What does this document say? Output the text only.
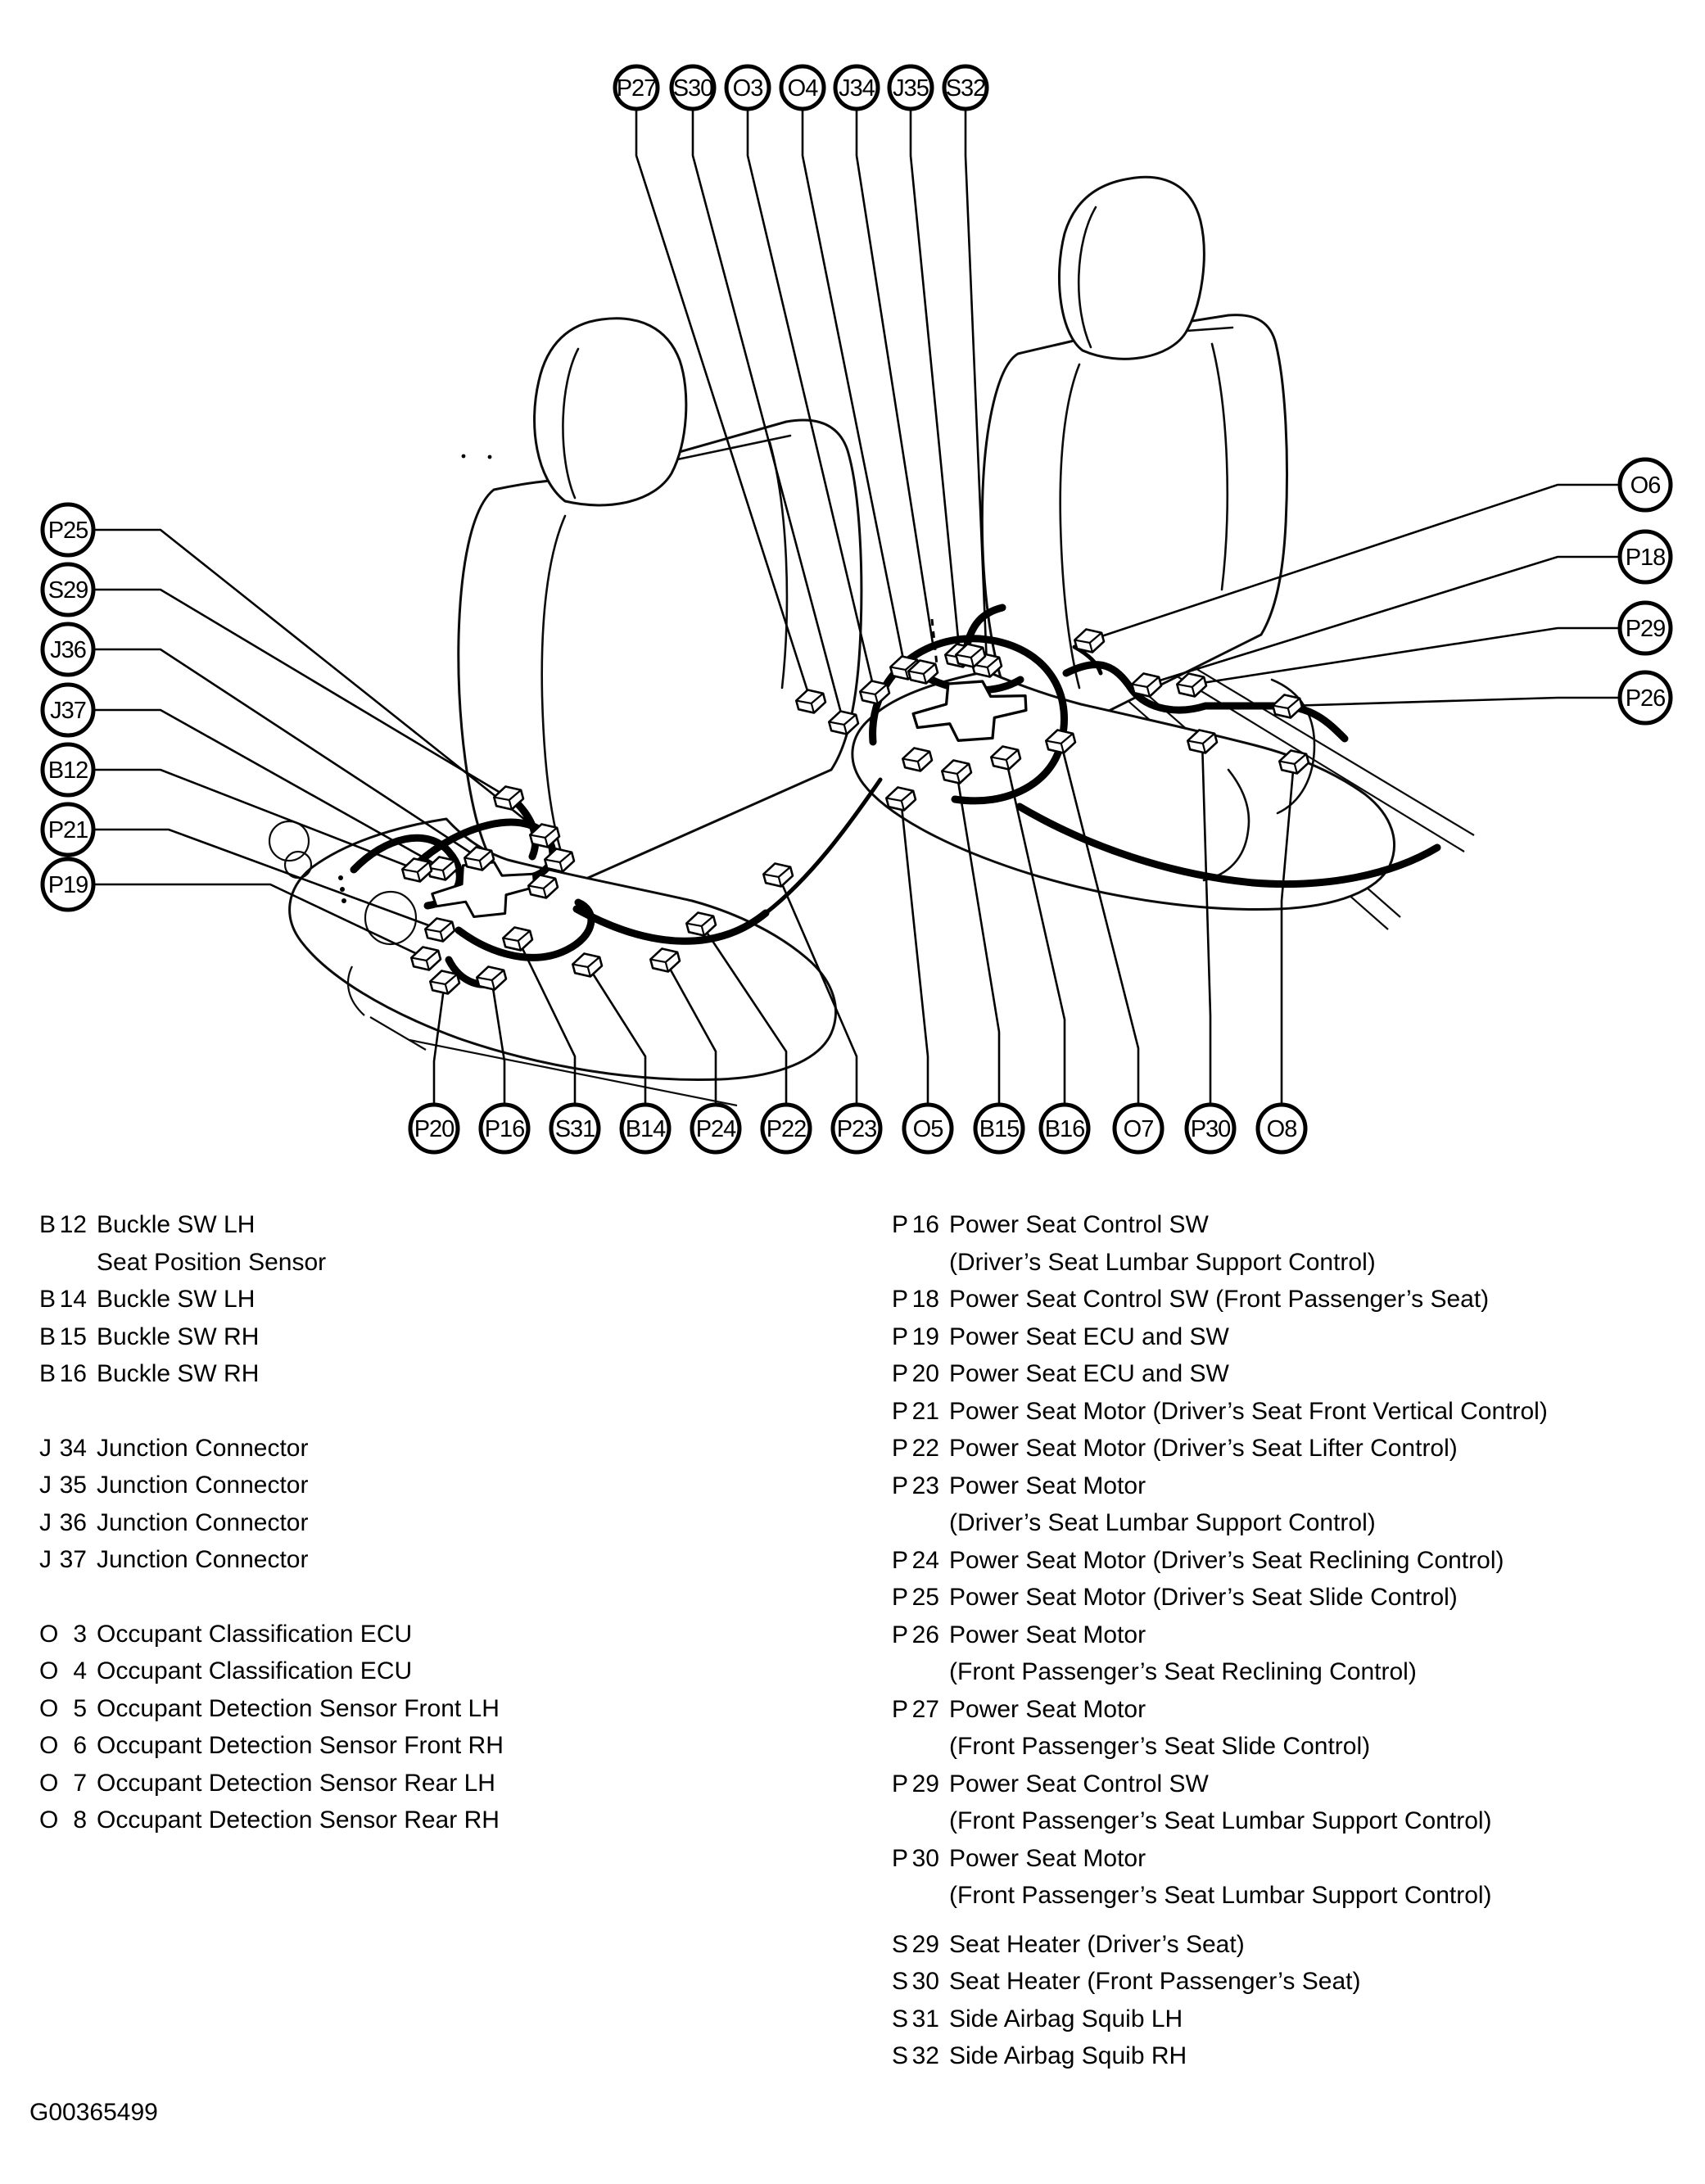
P27 S30 O3 O4 J34 J35 S32
P25
S29
J36
J37
B12
P21
P19
O6
P18
P29
P26
P20 P16 S31 B14 P24 P22 P23 O5 B15 B16 O7 P30 O8
B 12 Buckle SW LH
Seat Position Sensor
B 14 Buckle SW LH
B 15 Buckle SW RH
B 16 Buckle SW RH
J 34 Junction Connector
J 35 Junction Connector
J 36 Junction Connector
J 37 Junction Connector
O 3 Occupant Classification ECU
O 4 Occupant Classification ECU
O 5 Occupant Detection Sensor Front LH
O 6 Occupant Detection Sensor Front RH
O 7 Occupant Detection Sensor Rear LH
O 8 Occupant Detection Sensor Rear RH
P 16 Power Seat Control SW
(Driver’s Seat Lumbar Support Control)
P 18 Power Seat Control SW (Front Passenger’s Seat)
P 19 Power Seat ECU and SW
P 20 Power Seat ECU and SW
P 21 Power Seat Motor (Driver’s Seat Front Vertical Control)
P 22 Power Seat Motor (Driver’s Seat Lifter Control)
P 23 Power Seat Motor
(Driver’s Seat Lumbar Support Control)
P 24 Power Seat Motor (Driver’s Seat Reclining Control)
P 25 Power Seat Motor (Driver’s Seat Slide Control)
P 26 Power Seat Motor
(Front Passenger’s Seat Reclining Control)
P 27 Power Seat Motor
(Front Passenger’s Seat Slide Control)
P 29 Power Seat Control SW
(Front Passenger’s Seat Lumbar Support Control)
P 30 Power Seat Motor
(Front Passenger’s Seat Lumbar Support Control)
S 29 Seat Heater (Driver’s Seat)
S 30 Seat Heater (Front Passenger’s Seat)
S 31 Side Airbag Squib LH
S 32 Side Airbag Squib RH
G00365499
